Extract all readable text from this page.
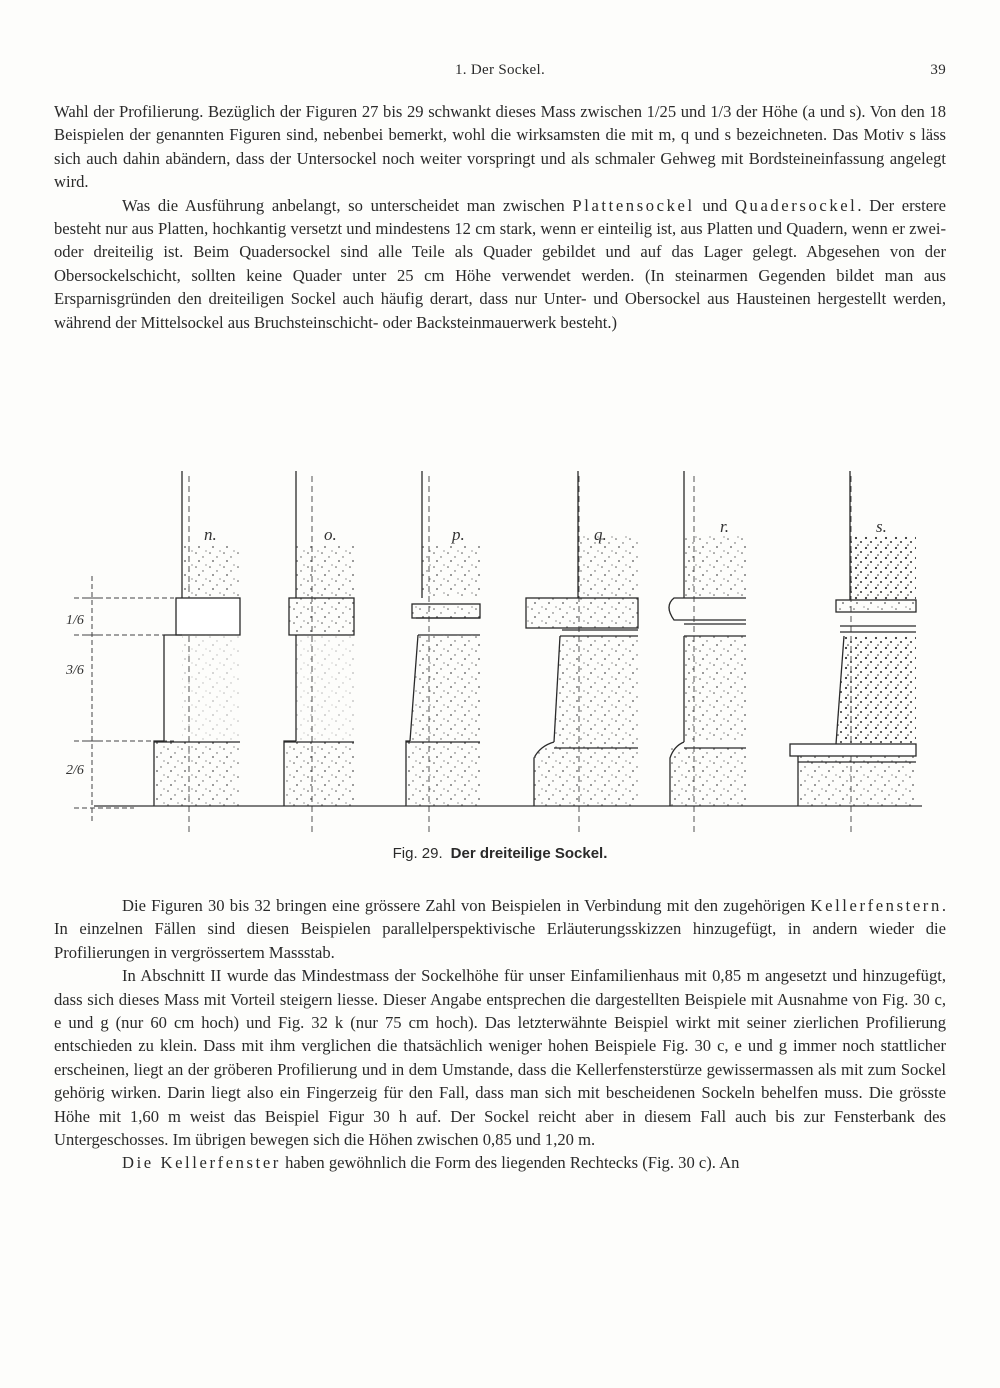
1. Der Sockel.	39

Wahl der Profilierung. Bezüglich der Figuren 27 bis 29 schwankt dieses Mass zwischen 1/25 und 1/3 der Höhe (a und s). Von den 18 Beispielen der genannten Figuren sind, nebenbei bemerkt, wohl die wirksamsten die mit m, q und s bezeichneten. Das Motiv s läss sich auch dahin abändern, dass der Untersockel noch weiter vorspringt und als schmaler Gehweg mit Bordsteineinfassung angelegt wird.

Was die Ausführung anbelangt, so unterscheidet man zwischen Plattensockel und Quadersockel. Der erstere besteht nur aus Platten, hochkantig versetzt und mindestens 12 cm stark, wenn er einteilig ist, aus Platten und Quadern, wenn er zwei- oder dreiteilig ist. Beim Quadersockel sind alle Teile als Quader gebildet und auf das Lager gelegt. Abgesehen von der Obersockelschicht, sollten keine Quader unter 25 cm Höhe verwendet werden. (In steinarmen Gegenden bildet man aus Ersparnisgründen den dreiteiligen Sockel auch häufig derart, dass nur Unter- und Obersockel aus Hausteinen hergestellt werden, während der Mittelsockel aus Bruchsteinschicht- oder Backsteinmauerwerk besteht.)

1/6
3/6
2/6
n.	o.	p.	q.	r.	s.
Fig. 29. Der dreiteilige Sockel.

Die Figuren 30 bis 32 bringen eine grössere Zahl von Beispielen in Verbindung mit den zugehörigen Kellerfenstern. In einzelnen Fällen sind diesen Beispielen parallelperspektivische Erläuterungsskizzen hinzugefügt, in andern wieder die Profilierungen in vergrössertem Massstab.

In Abschnitt II wurde das Mindestmass der Sockelhöhe für unser Einfamilienhaus mit 0,85 m angesetzt und hinzugefügt, dass sich dieses Mass mit Vorteil steigern liesse. Dieser Angabe entsprechen die dargestellten Beispiele mit Ausnahme von Fig. 30 c, e und g (nur 60 cm hoch) und Fig. 32 k (nur 75 cm hoch). Das letzterwähnte Beispiel wirkt mit seiner zierlichen Profilierung entschieden zu klein. Dass mit ihm verglichen die thatsächlich weniger hohen Beispiele Fig. 30 c, e und g immer noch stattlicher erscheinen, liegt an der gröberen Profilierung und in dem Umstande, dass die Kellerfensterstürze gewissermassen als mit zum Sockel gehörig wirken. Darin liegt also ein Fingerzeig für den Fall, dass man sich mit bescheidenen Sockeln behelfen muss. Die grösste Höhe mit 1,60 m weist das Beispiel Figur 30 h auf. Der Sockel reicht aber in diesem Fall auch bis zur Fensterbank des Untergeschosses. Im übrigen bewegen sich die Höhen zwischen 0,85 und 1,20 m.

Die Kellerfenster haben gewöhnlich die Form des liegenden Rechtecks (Fig. 30 c). An
